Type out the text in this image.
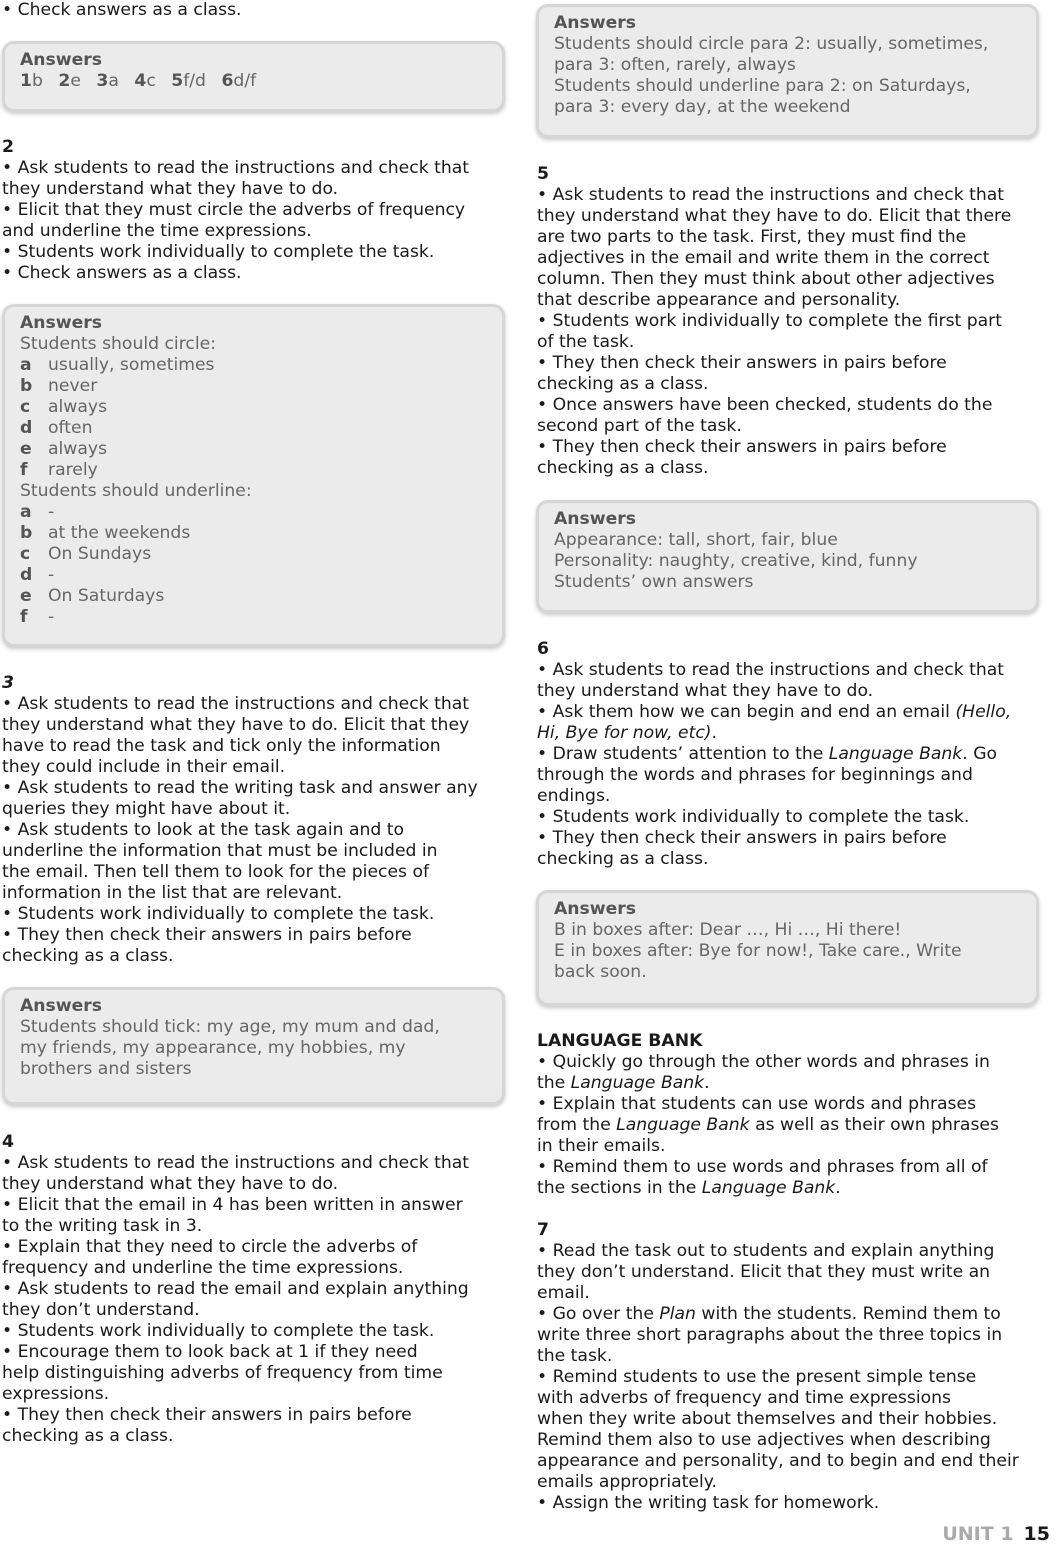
• Check answers as a class.

Answers

1b 2e 3a 4c 5f/d 6d/f

2

• Ask students to read the instructions and check that

they understand what they have to do.

• Elicit that they must circle the adverbs of frequency

and underline the time expressions.

• Students work individually to complete the task.

• Check answers as a class.

Answers

Students should circle:

a usually, sometimes
b never
c	always
d often
e always
f	rarely

Students should underline:

a -
b at the weekends
c	On Sundays
d -
e On Saturdays
f	-

3

• Ask students to read the instructions and check that

they understand what they have to do. Elicit that they

have to read the task and tick only the information

they could include in their email.

• Ask students to read the writing task and answer any

queries they might have about it.

• Ask students to look at the task again and to

underline the information that must be included in

the email. Then tell them to look for the pieces of

information in the list that are relevant.

• Students work individually to complete the task.

• They then check their answers in pairs before

checking as a class.

Answers

Students should tick: my age, my mum and dad,

my friends, my appearance, my hobbies, my

brothers and sisters

4

• Ask students to read the instructions and check that

they understand what they have to do.

• Elicit that the email in 4 has been written in answer

to the writing task in 3.

• Explain that they need to circle the adverbs of

frequency and underline the time expressions.

• Ask students to read the email and explain anything

they don’t understand.

• Students work individually to complete the task.

• Encourage them to look back at 1 if they need

help distinguishing adverbs of frequency from time

expressions.

• They then check their answers in pairs before

checking as a class.

Answers

Students should circle para 2: usually, sometimes,

para 3: often, rarely, always

Students should underline para 2: on Saturdays,

para 3: every day, at the weekend

5

• Ask students to read the instructions and check that

they understand what they have to do. Elicit that there

are two parts to the task. First, they must find the

adjectives in the email and write them in the correct

column. Then they must think about other adjectives

that describe appearance and personality.

• Students work individually to complete the first part

of the task.

• They then check their answers in pairs before

checking as a class.

• Once answers have been checked, students do the

second part of the task.

• They then check their answers in pairs before

checking as a class.

Answers

Appearance: tall, short, fair, blue

Personality: naughty, creative, kind, funny

Students’ own answers

6

• Ask students to read the instructions and check that

they understand what they have to do.

• Ask them how we can begin and end an email (Hello,

Hi, Bye for now, etc).

• Draw students’ attention to the Language Bank. Go

through the words and phrases for beginnings and

endings.

• Students work individually to complete the task.

• They then check their answers in pairs before

checking as a class.

Answers

B in boxes after: Dear …, Hi …, Hi there!

E in boxes after: Bye for now!, Take care., Write

back soon.

LANGUAGE BANK

• Quickly go through the other words and phrases in

the Language Bank.

• Explain that students can use words and phrases

from the Language Bank as well as their own phrases

in their emails.

• Remind them to use words and phrases from all of

the sections in the Language Bank.

7

• Read the task out to students and explain anything

they don’t understand. Elicit that they must write an

email.

• Go over the Plan with the students. Remind them to

write three short paragraphs about the three topics in

the task.

• Remind students to use the present simple tense

with adverbs of frequency and time expressions

when they write about themselves and their hobbies.

Remind them also to use adjectives when describing

appearance and personality, and to begin and end their

emails appropriately.

• Assign the writing task for homework.

UNIT 1 15
